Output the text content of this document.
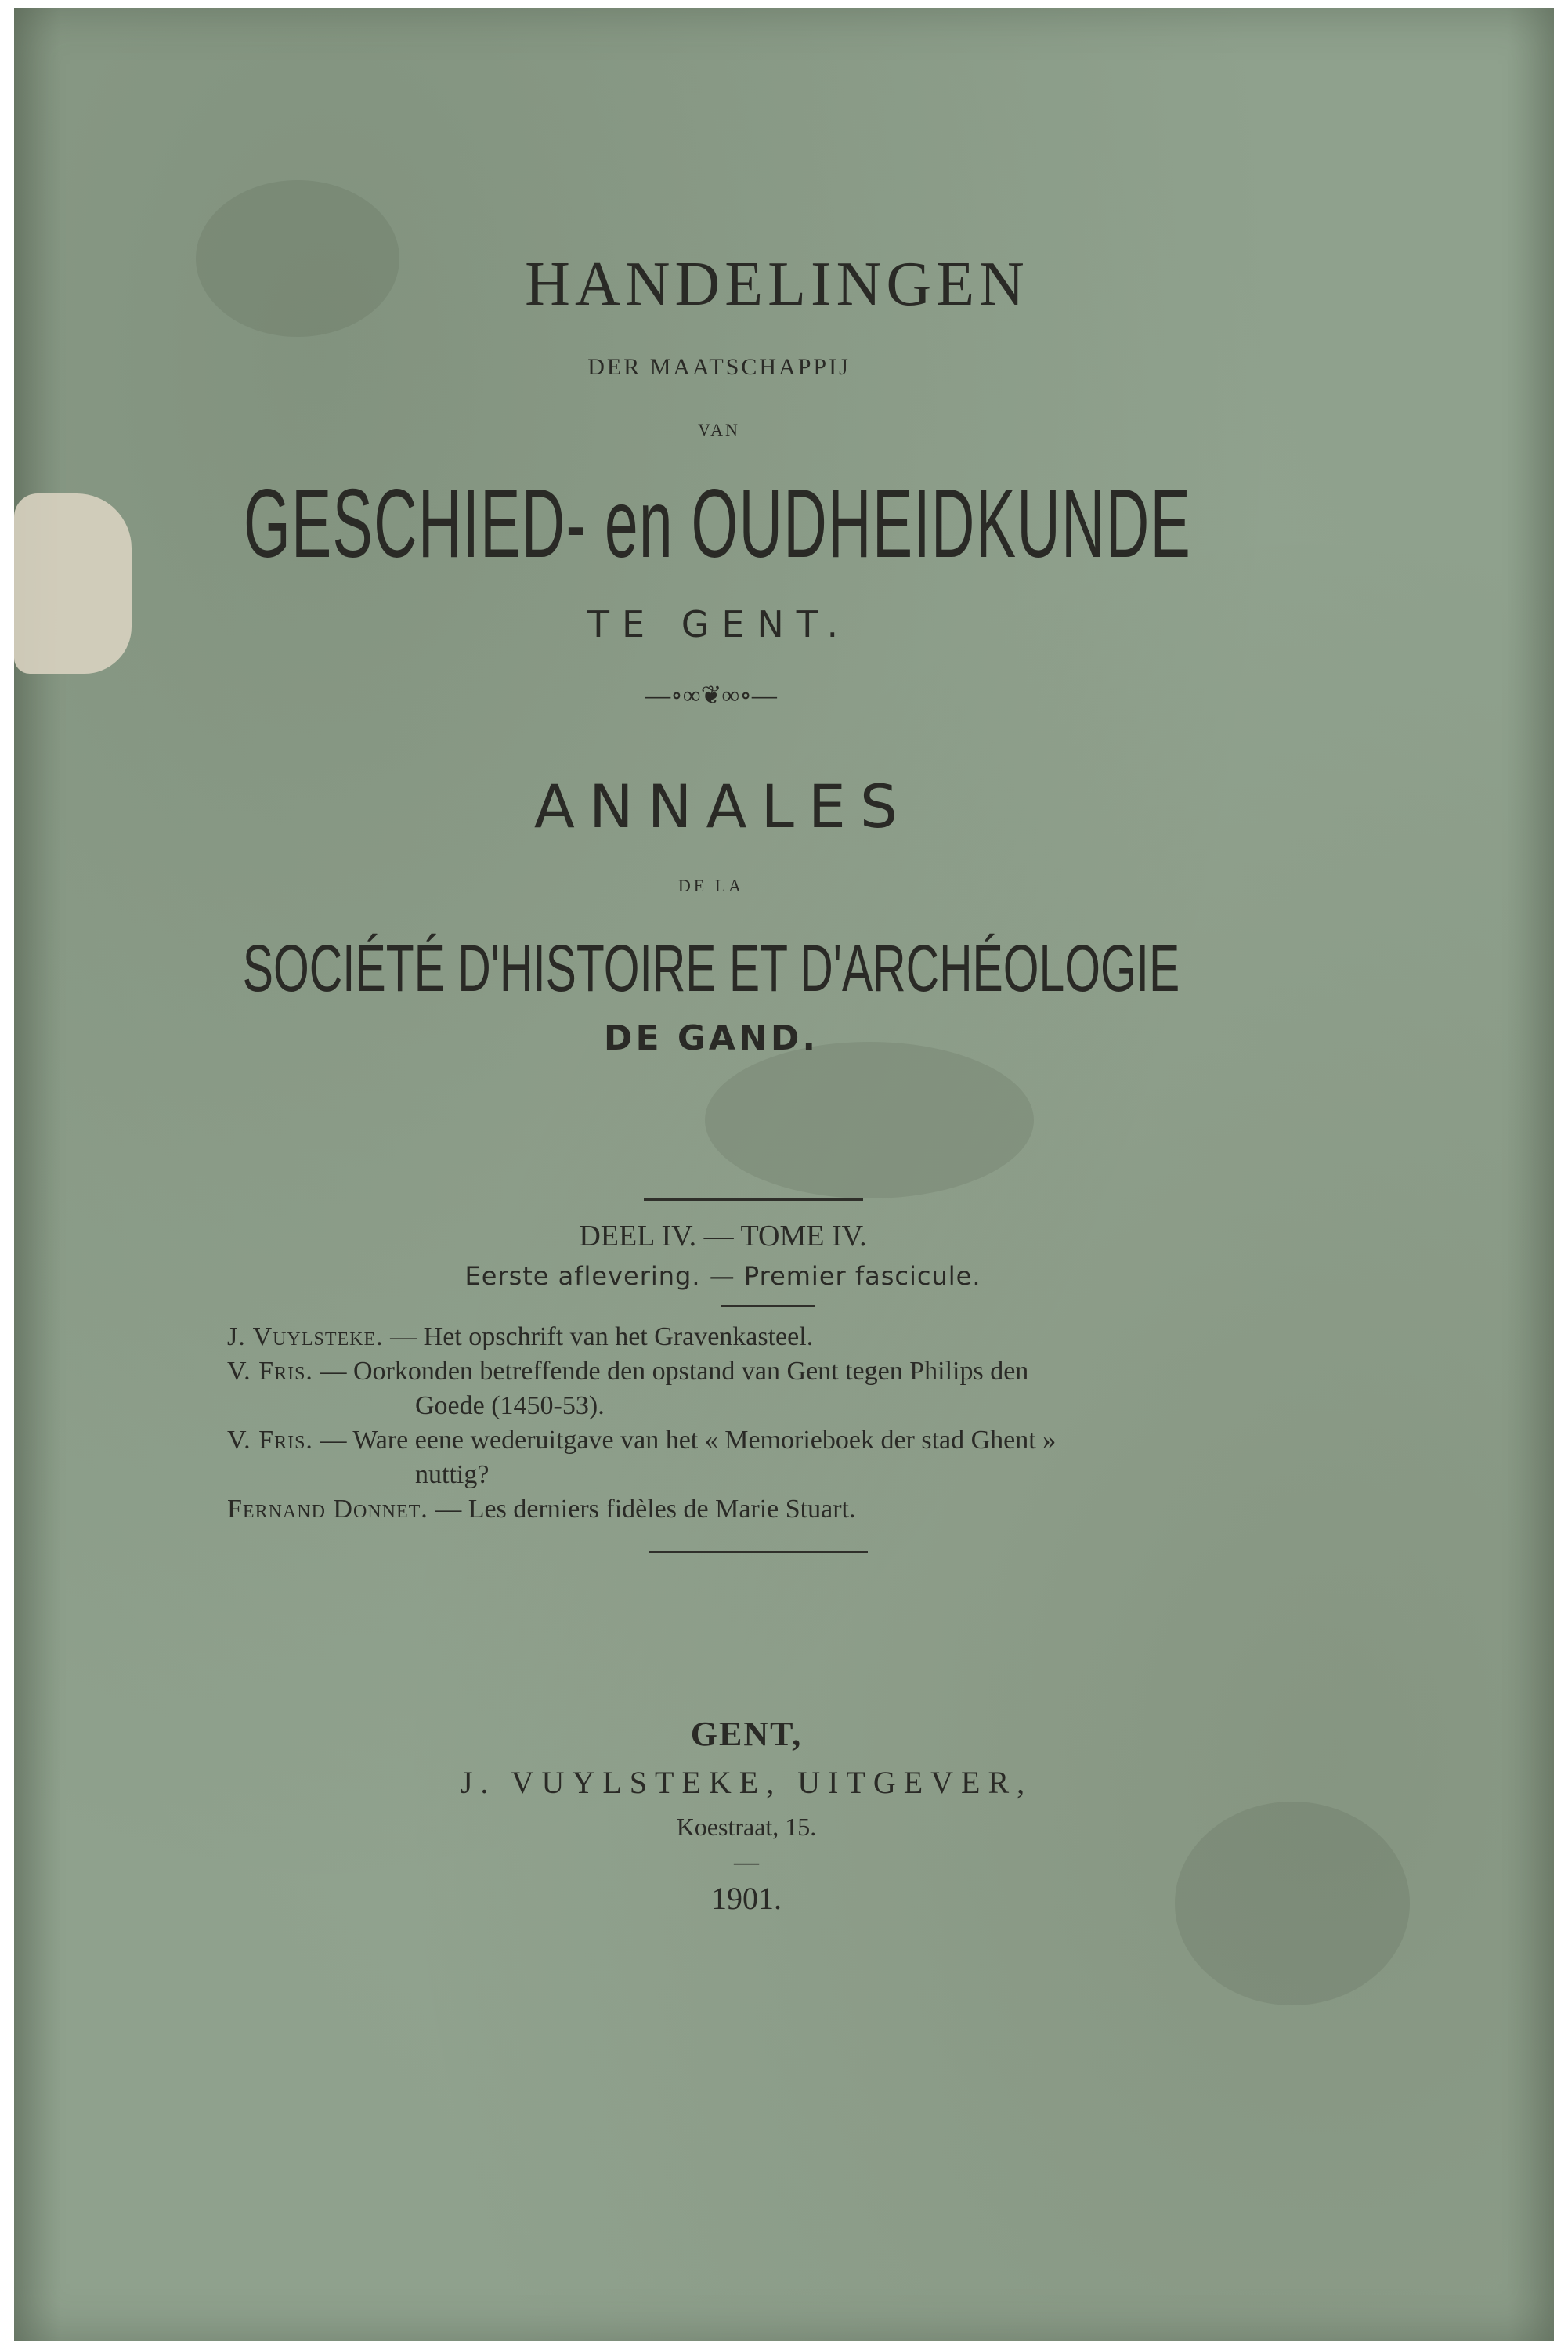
HANDELINGEN
DER MAATSCHAPPIJ
VAN
GESCHIED- en OUDHEIDKUNDE
TE GENT.
—∘∞❦∞∘—
ANNALES
DE LA
SOCIÉTÉ D'HISTOIRE ET D'ARCHÉOLOGIE
DE GAND.
DEEL IV. — TOME IV.
Eerste aflevering. — Premier fascicule.
J. Vuylsteke. — Het opschrift van het Gravenkasteel.
V. Fris. — Oorkonden betreffende den opstand van Gent tegen Philips den
Goede (1450-53).
V. Fris. — Ware eene wederuitgave van het « Memorieboek der stad Ghent »
nuttig?
Fernand Donnet. — Les derniers fidèles de Marie Stuart.
GENT,
J. VUYLSTEKE, UITGEVER,
Koestraat, 15.
—
1901.
